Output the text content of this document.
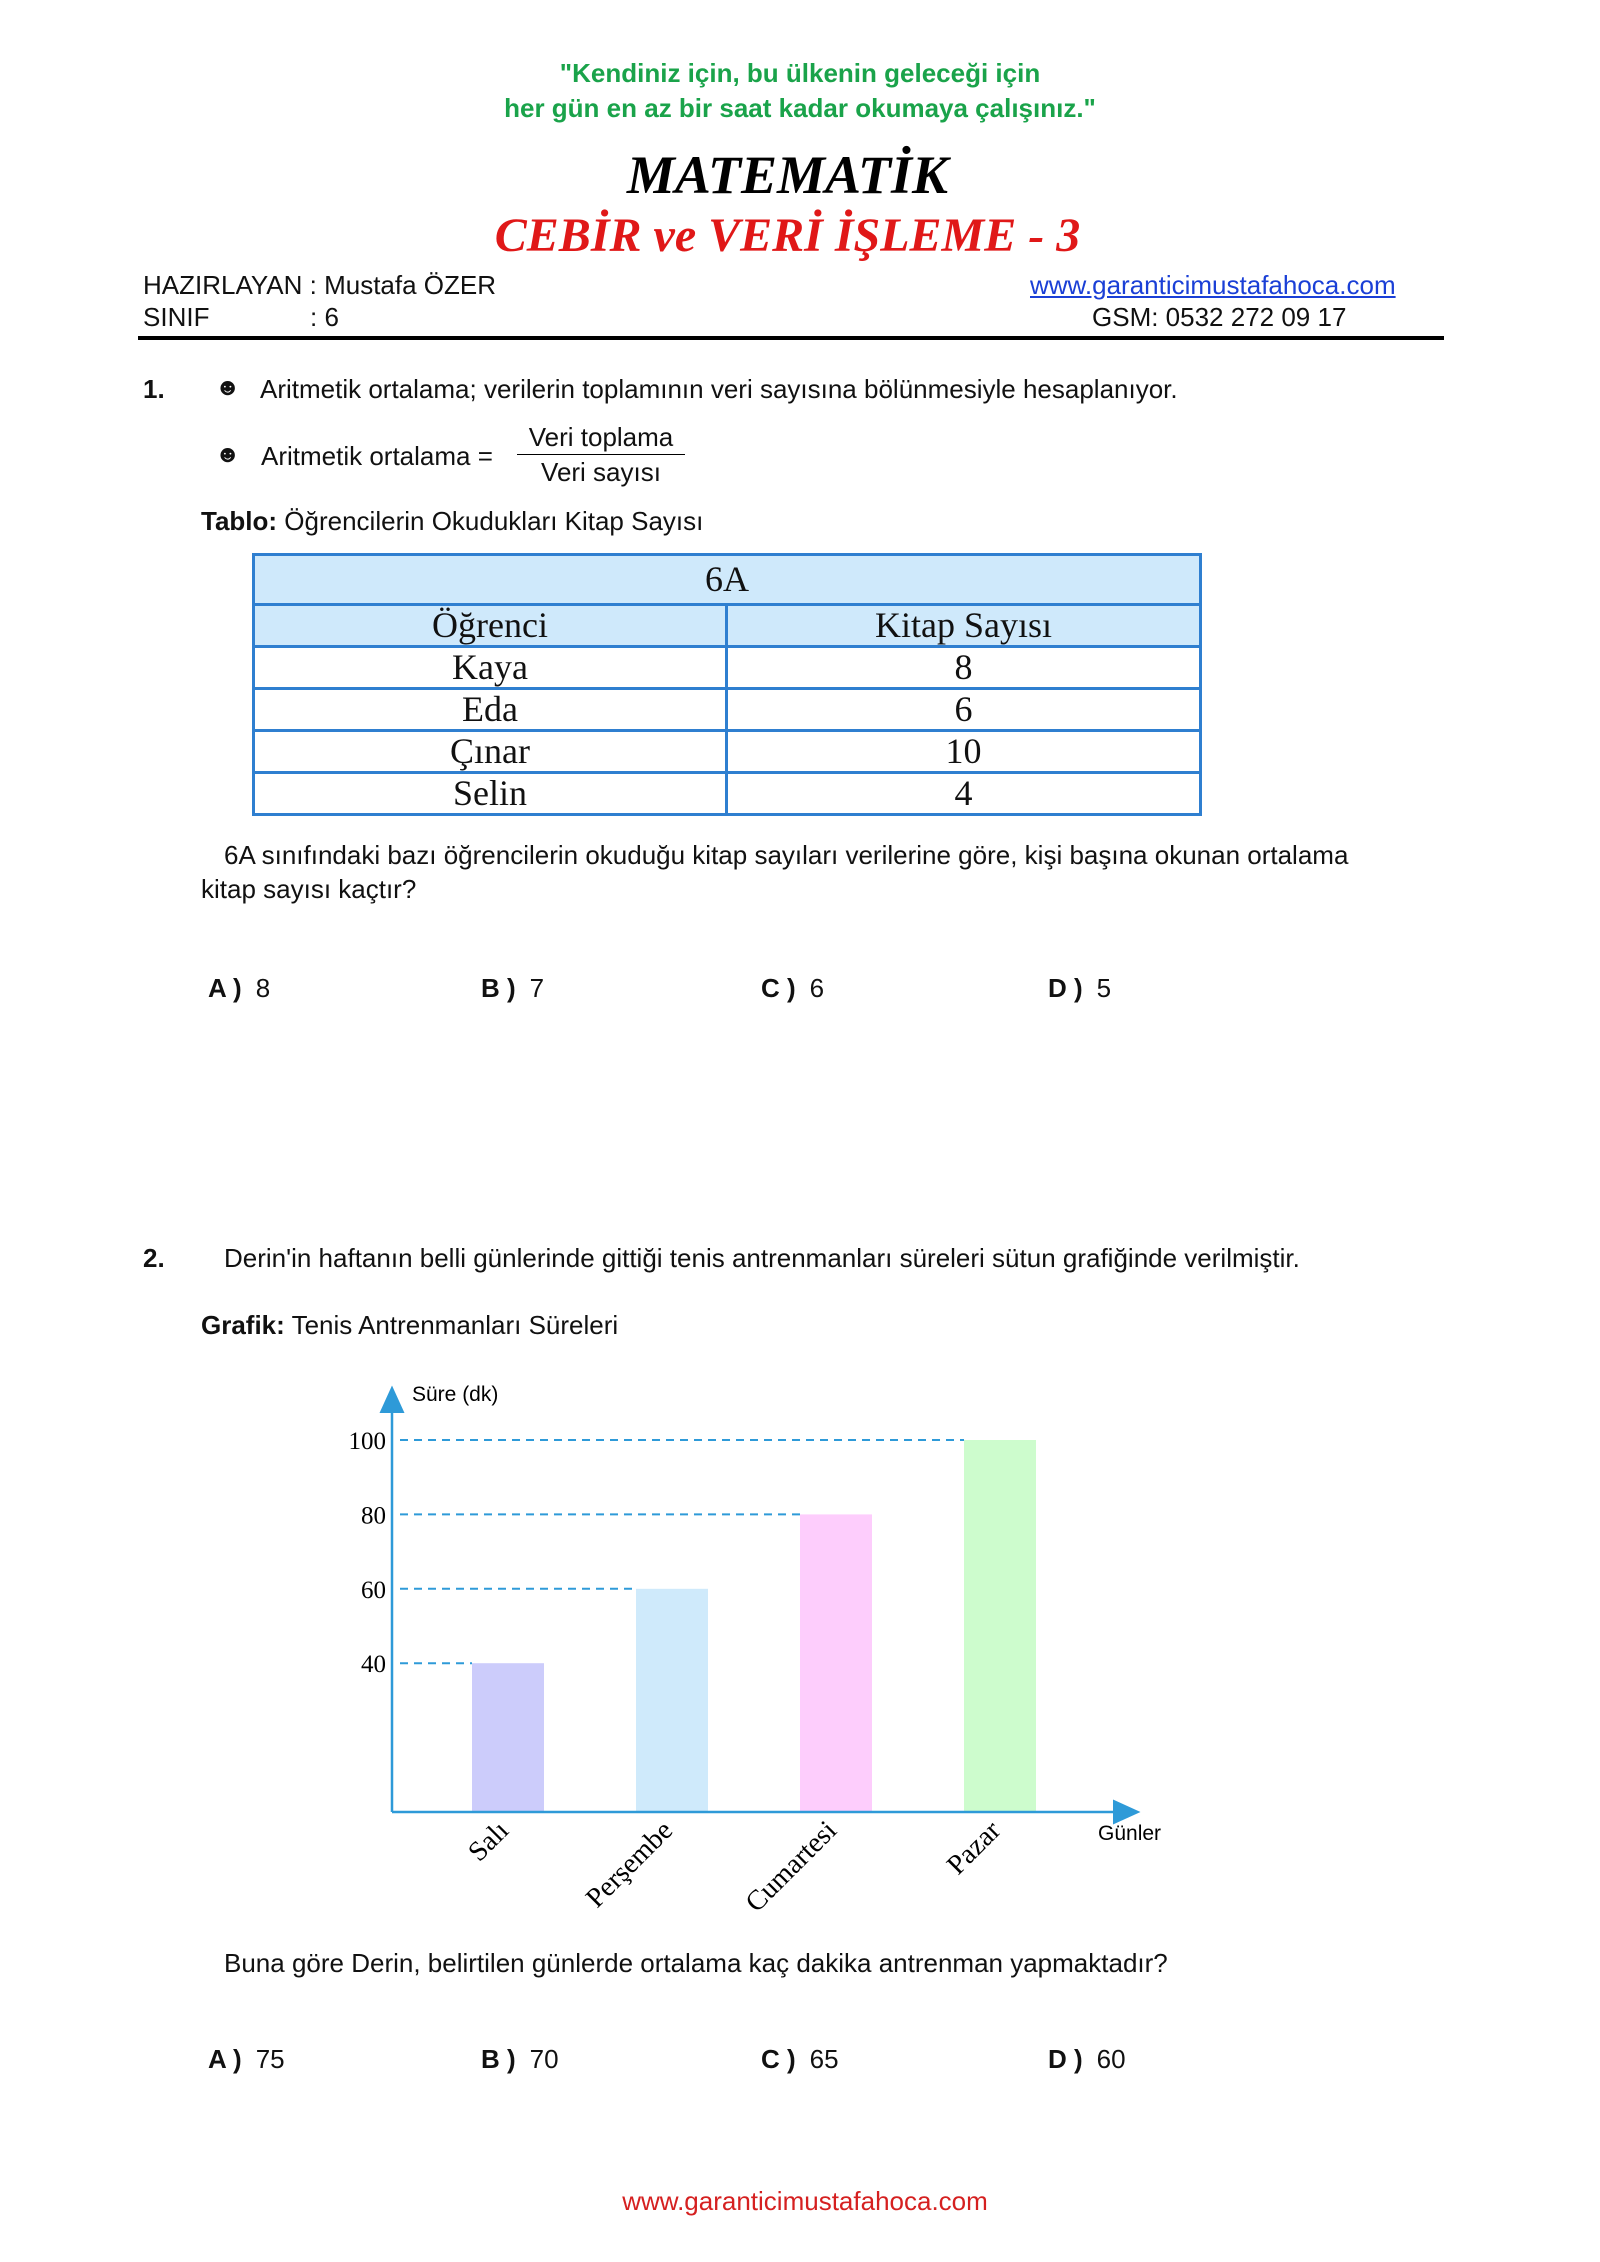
"Kendiniz için, bu ülkenin geleceği için
her gün en az bir saat kadar okumaya çalışınız."
MATEMATİK
CEBİR ve VERİ İŞLEME - 3
HAZIRLAYAN : Mustafa ÖZER
SINIF	: 6
www.garanticimustafahoca.com
GSM: 0532 272 09 17
1. ☻ Aritmetik ortalama; verilerin toplamının veri sayısına bölünmesiyle hesaplanıyor.
☻ Aritmetik ortalama =
Veri toplama
Veri sayısı
Tablo: Öğrencilerin Okudukları Kitap Sayısı
6A	
Öğrenci	Kitap Sayısı
Kaya	8
Eda	6
Çınar	10
Selin	4
6A sınıfındaki bazı öğrencilerin okuduğu kitap sayıları verilerine göre, kişi başına okunan ortalama
kitap sayısı kaçtır?
A ) 8	B ) 7	C ) 6	D ) 5
2. Derin'in haftanın belli günlerinde gittiği tenis antrenmanları süreleri sütun grafiğinde verilmiştir.
Grafik: Tenis Antrenmanları Süreleri
40
60
80
100
Süre (dk)
Günler
Salı Perşembe Cumartesi	Pazar
Buna göre Derin, belirtilen günlerde ortalama kaç dakika antrenman yapmaktadır?
A ) 75	B ) 70	C ) 65	D ) 60
www.garanticimustafahoca.com
